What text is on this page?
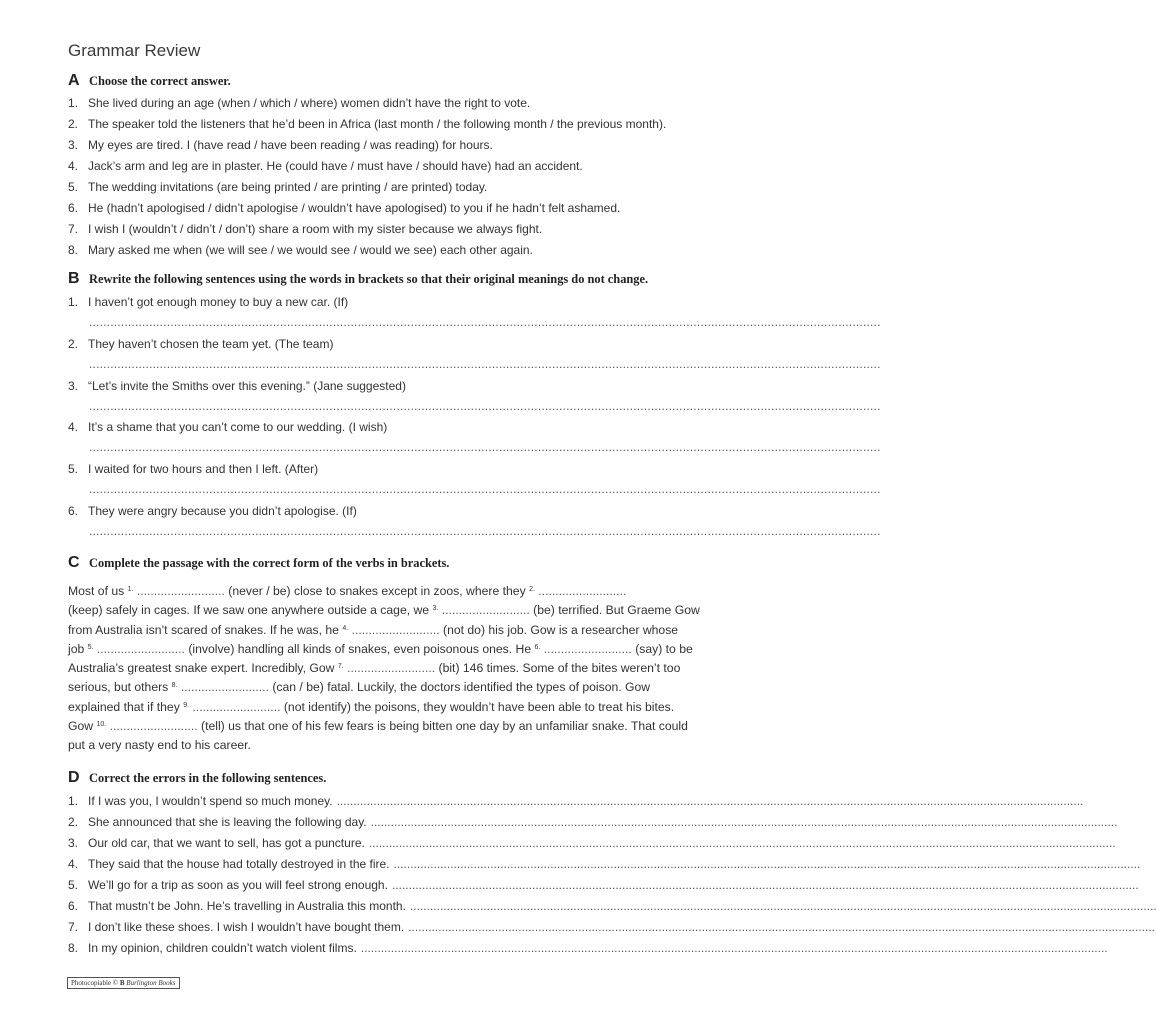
Grammar Review
A Choose the correct answer.
1. She lived during an age (when / which / where) women didn’t have the right to vote.
2. The speaker told the listeners that he’d been in Africa (last month / the following month / the previous month).
3. My eyes are tired. I (have read / have been reading / was reading) for hours.
4. Jack’s arm and leg are in plaster. He (could have / must have / should have) had an accident.
5. The wedding invitations (are being printed / are printing / are printed) today.
6. He (hadn’t apologised / didn’t apologise / wouldn’t have apologised) to you if he hadn’t felt ashamed.
7. I wish I (wouldn’t / didn’t / don’t) share a room with my sister because we always fight.
8. Mary asked me when (we will see / we would see / would we see) each other again.
B Rewrite the following sentences using the words in brackets so that their original meanings do not change.
1. I haven’t got enough money to buy a new car. (If)
................................................................................................................................................................................................................................
2. They haven’t chosen the team yet. (The team)
................................................................................................................................................................................................................................
3. “Let’s invite the Smiths over this evening.” (Jane suggested)
................................................................................................................................................................................................................................
4. It’s a shame that you can’t come to our wedding. (I wish)
................................................................................................................................................................................................................................
5. I waited for two hours and then I left. (After)
................................................................................................................................................................................................................................
6. They were angry because you didn’t apologise. (If)
................................................................................................................................................................................................................................
C Complete the passage with the correct form of the verbs in brackets.
Most of us $^{1.}$ .......................... (never / be) close to snakes except in zoos, where they $^{2.}$ ..........................
(keep) safely in cages. If we saw one anywhere outside a cage, we $^{3.}$ .......................... (be) terrified. But Graeme Gow
from Australia isn’t scared of snakes. If he was, he $^{4.}$ .......................... (not do) his job. Gow is a researcher whose
job $^{5.}$ .......................... (involve) handling all kinds of snakes, even poisonous ones. He $^{6.}$ .......................... (say) to be
Australia’s greatest snake expert. Incredibly, Gow $^{7.}$ .......................... (bit) 146 times. Some of the bites weren’t too
serious, but others $^{8.}$ .......................... (can / be) fatal. Luckily, the doctors identified the types of poison. Gow
explained that if they $^{9.}$ .......................... (not identify) the poisons, they wouldn’t have been able to treat his bites.
Gow $^{10.}$ .......................... (tell) us that one of his few fears is being bitten one day by an unfamiliar snake. That could
put a very nasty end to his career.
D Correct the errors in the following sentences.
1. If I was you, I wouldn’t spend so much money. ................................................................................................................................................................................................................................
2. She announced that she is leaving the following day. ................................................................................................................................................................................................................................
3. Our old car, that we want to sell, has got a puncture. ................................................................................................................................................................................................................................
4. They said that the house had totally destroyed in the fire. ................................................................................................................................................................................................................................
5. We’ll go for a trip as soon as you will feel strong enough. ................................................................................................................................................................................................................................
6. That mustn’t be John. He’s travelling in Australia this month. ................................................................................................................................................................................................................................
7. I don’t like these shoes. I wish I wouldn’t have bought them. ................................................................................................................................................................................................................................
8. In my opinion, children couldn’t watch violent films. ................................................................................................................................................................................................................................
Photocopiable © B Burlington Books
